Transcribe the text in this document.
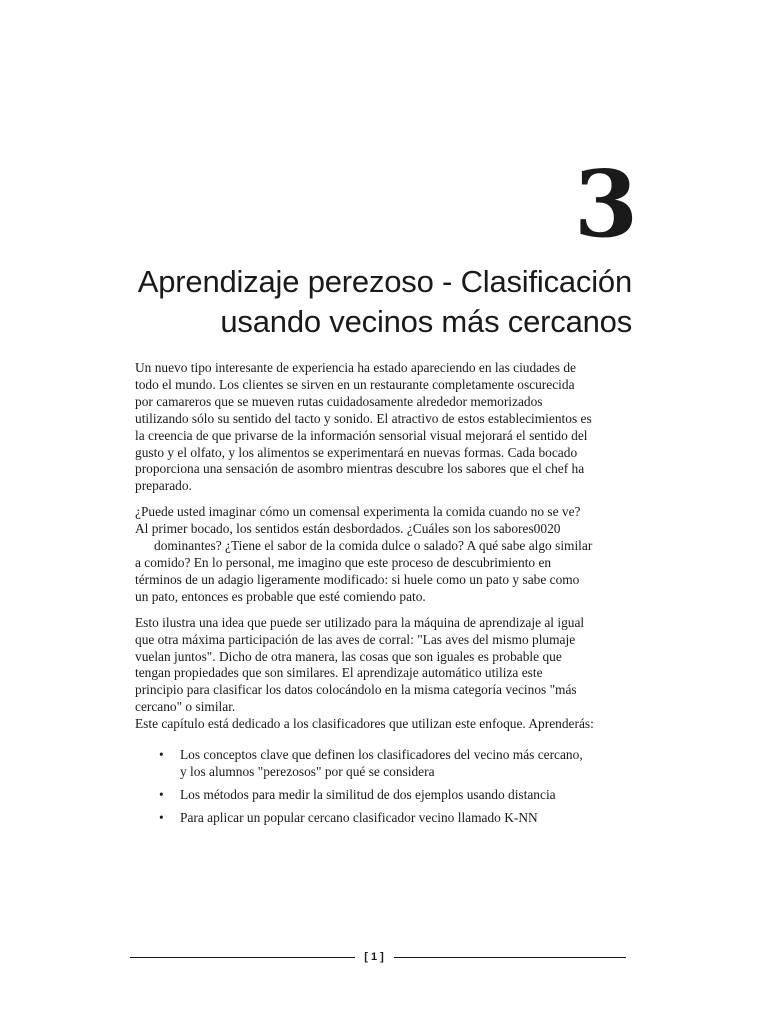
3
Aprendizaje perezoso - Clasificación
usando vecinos más cercanos

Un nuevo tipo interesante de experiencia ha estado apareciendo en las ciudades de
todo el mundo. Los clientes se sirven en un restaurante completamente oscurecida
por camareros que se mueven rutas cuidadosamente alrededor memorizados
utilizando sólo su sentido del tacto y sonido. El atractivo de estos establecimientos es
la creencia de que privarse de la información sensorial visual mejorará el sentido del
gusto y el olfato, y los alimentos se experimentará en nuevas formas. Cada bocado
proporciona una sensación de asombro mientras descubre los sabores que el chef ha
preparado.

¿Puede usted imaginar cómo un comensal experimenta la comida cuando no se ve?
Al primer bocado, los sentidos están desbordados. ¿Cuáles son los sabores0020
dominantes? ¿Tiene el sabor de la comida dulce o salado? A qué sabe algo similar
a comido? En lo personal, me imagino que este proceso de descubrimiento en
términos de un adagio ligeramente modificado: si huele como un pato y sabe como
un pato, entonces es probable que esté comiendo pato.

Esto ilustra una idea que puede ser utilizado para la máquina de aprendizaje al igual
que otra máxima participación de las aves de corral: "Las aves del mismo plumaje
vuelan juntos". Dicho de otra manera, las cosas que son iguales es probable que
tengan propiedades que son similares. El aprendizaje automático utiliza este
principio para clasificar los datos colocándolo en la misma categoría vecinos "más
cercano" o similar.
Este capítulo está dedicado a los clasificadores que utilizan este enfoque. Aprenderás:

• Los conceptos clave que definen los clasificadores del vecino más cercano,
y los alumnos "perezosos" por qué se considera
• Los métodos para medir la similitud de dos ejemplos usando distancia
• Para aplicar un popular cercano clasificador vecino llamado K-NN
[ 1 ]
